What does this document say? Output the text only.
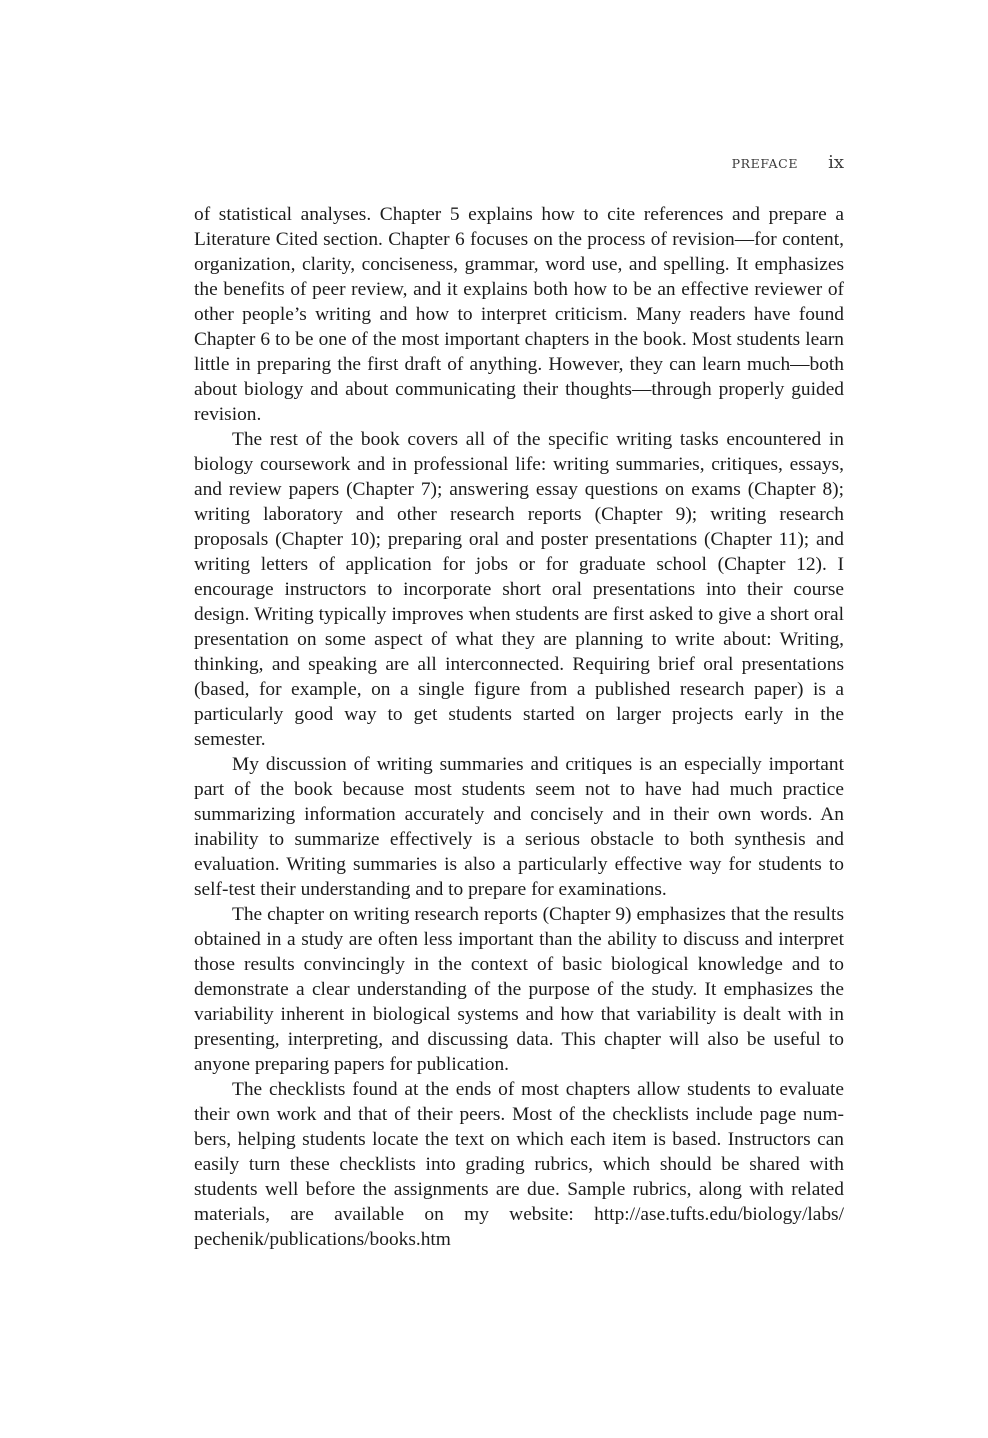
PREFACE ix

of statistical analyses. Chapter 5 explains how to cite references and prepare a Literature Cited section. Chapter 6 focuses on the process of revision—for content, organization, clarity, conciseness, grammar, word use, and spelling. It emphasizes the benefits of peer review, and it explains both how to be an effective reviewer of other people’s writing and how to interpret criticism. Many readers have found Chapter 6 to be one of the most important chapters in the book. Most students learn little in preparing the first draft of anything. However, they can learn much—both about biology and about communicating their thoughts—through properly guided revision.

The rest of the book covers all of the specific writing tasks encountered in biology coursework and in professional life: writing summaries, critiques, essays, and review papers (Chapter 7); answering essay questions on exams (Chapter 8); writing laboratory and other research reports (Chapter 9); writing research proposals (Chapter 10); preparing oral and poster presentations (Chapter 11); and writing letters of application for jobs or for graduate school (Chapter 12). I encourage instructors to incorporate short oral presentations into their course design. Writing typically improves when students are first asked to give a short oral presentation on some aspect of what they are planning to write about: Writing, thinking, and speaking are all interconnected. Requiring brief oral presentations (based, for example, on a single figure from a published research paper) is a particularly good way to get students started on larger projects early in the semester.

My discussion of writing summaries and critiques is an especially important part of the book because most students seem not to have had much practice summarizing information accurately and concisely and in their own words. An inability to summarize effectively is a serious obstacle to both synthesis and evaluation. Writing summaries is also a particularly effective way for students to self-test their understanding and to prepare for examinations.

The chapter on writing research reports (Chapter 9) emphasizes that the results obtained in a study are often less important than the ability to discuss and interpret those results convincingly in the context of basic biological knowledge and to demonstrate a clear understanding of the purpose of the study. It emphasizes the variability inherent in biological systems and how that variability is dealt with in presenting, interpreting, and discussing data. This chapter will also be useful to anyone preparing papers for publication.

The checklists found at the ends of most chapters allow students to evaluate their own work and that of their peers. Most of the checklists include page numbers, helping students locate the text on which each item is based. Instructors can easily turn these checklists into grading rubrics, which should be shared with students well before the assignments are due. Sample rubrics, along with related materials, are available on my website: http://ase.tufts.edu/biology/labs/ pechenik/publications/books.htm
